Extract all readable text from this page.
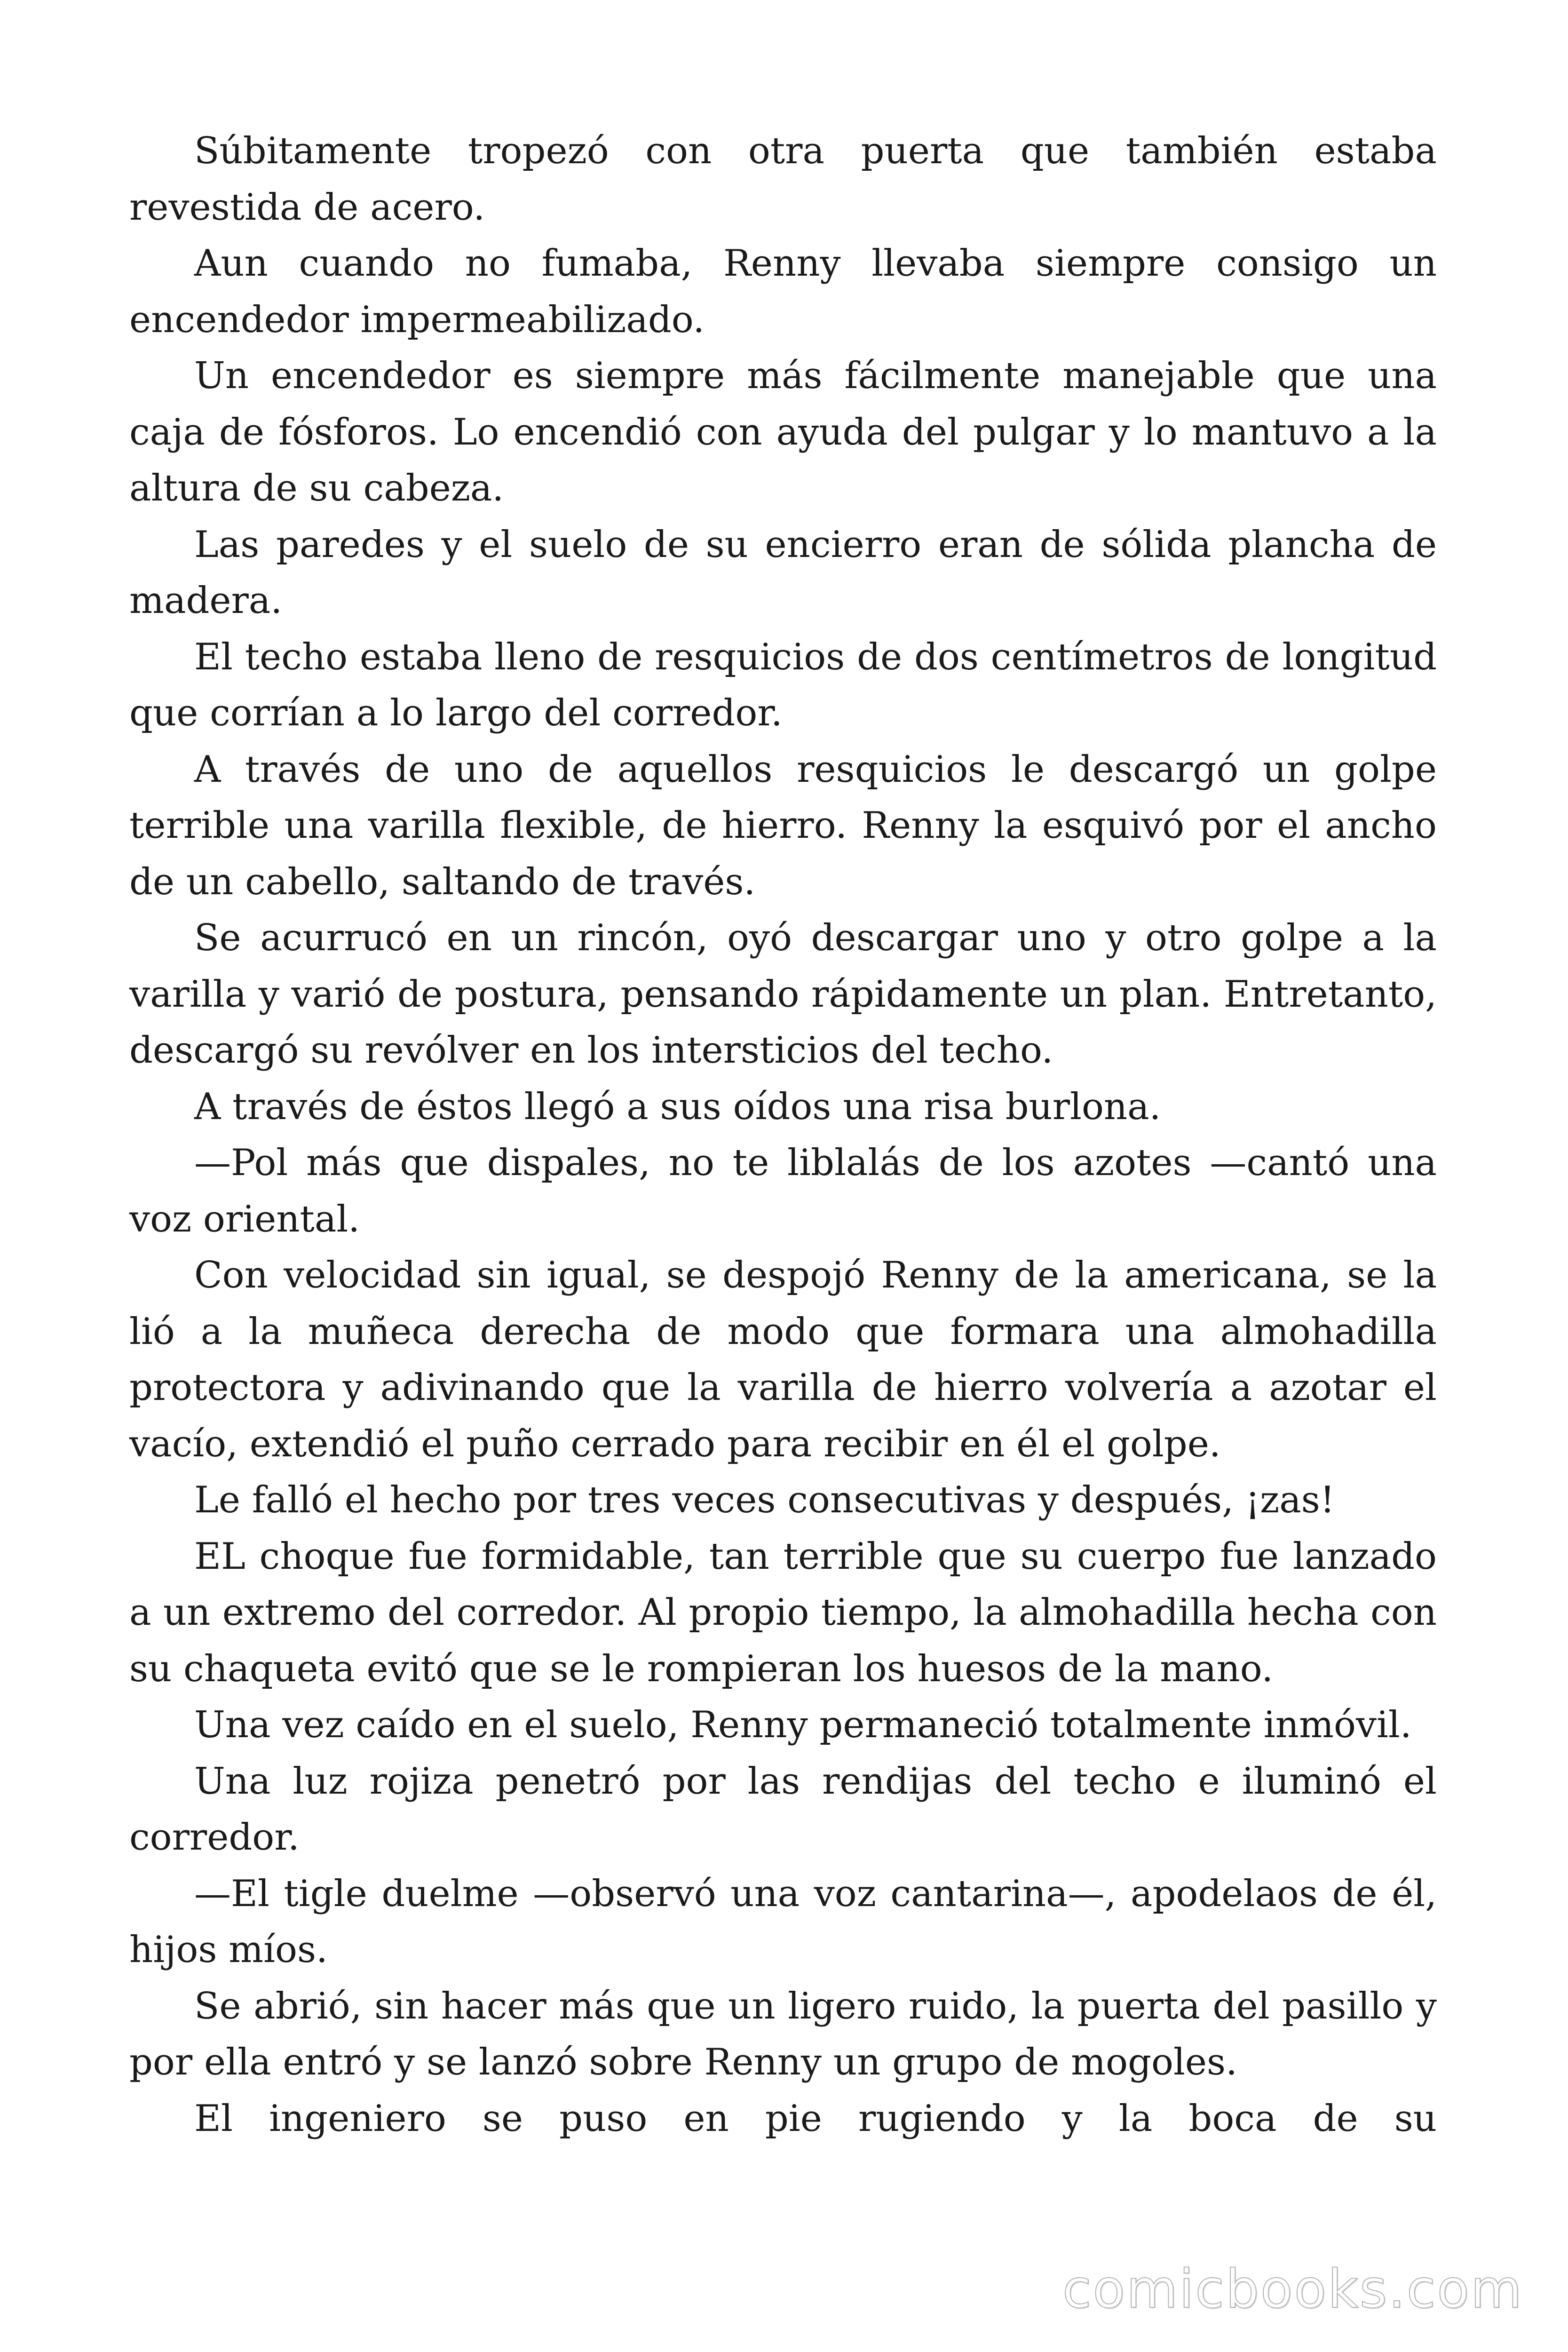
Súbitamente tropezó con otra puerta que también estaba revestida de acero.

Aun cuando no fumaba, Renny llevaba siempre consigo un encendedor impermeabilizado.

Un encendedor es siempre más fácilmente manejable que una caja de fósforos. Lo encendió con ayuda del pulgar y lo mantuvo a la altura de su cabeza.

Las paredes y el suelo de su encierro eran de sólida plancha de madera.

El techo estaba lleno de resquicios de dos centímetros de longitud que corrían a lo largo del corredor.

A través de uno de aquellos resquicios le descargó un golpe terrible una varilla flexible, de hierro. Renny la esquivó por el ancho de un cabello, saltando de través.

Se acurrucó en un rincón, oyó descargar uno y otro golpe a la varilla y varió de postura, pensando rápidamente un plan. Entretanto, descargó su revólver en los intersticios del techo.

A través de éstos llegó a sus oídos una risa burlona.

—Pol más que dispales, no te liblalás de los azotes —cantó una voz oriental.

Con velocidad sin igual, se despojó Renny de la americana, se la lió a la muñeca derecha de modo que formara una almohadilla protectora y adivinando que la varilla de hierro volvería a azotar el vacío, extendió el puño cerrado para recibir en él el golpe.

Le falló el hecho por tres veces consecutivas y después, ¡zas!

EL choque fue formidable, tan terrible que su cuerpo fue lanzado a un extremo del corredor. Al propio tiempo, la almohadilla hecha con su chaqueta evitó que se le rompieran los huesos de la mano.

Una vez caído en el suelo, Renny permaneció totalmente inmóvil.

Una luz rojiza penetró por las rendijas del techo e iluminó el corredor.

—El tigle duelme —observó una voz cantarina—, apodelaos de él, hijos míos.

Se abrió, sin hacer más que un ligero ruido, la puerta del pasillo y por ella entró y se lanzó sobre Renny un grupo de mogoles.

El ingeniero se puso en pie rugiendo y la boca de su

comicbooks.com
